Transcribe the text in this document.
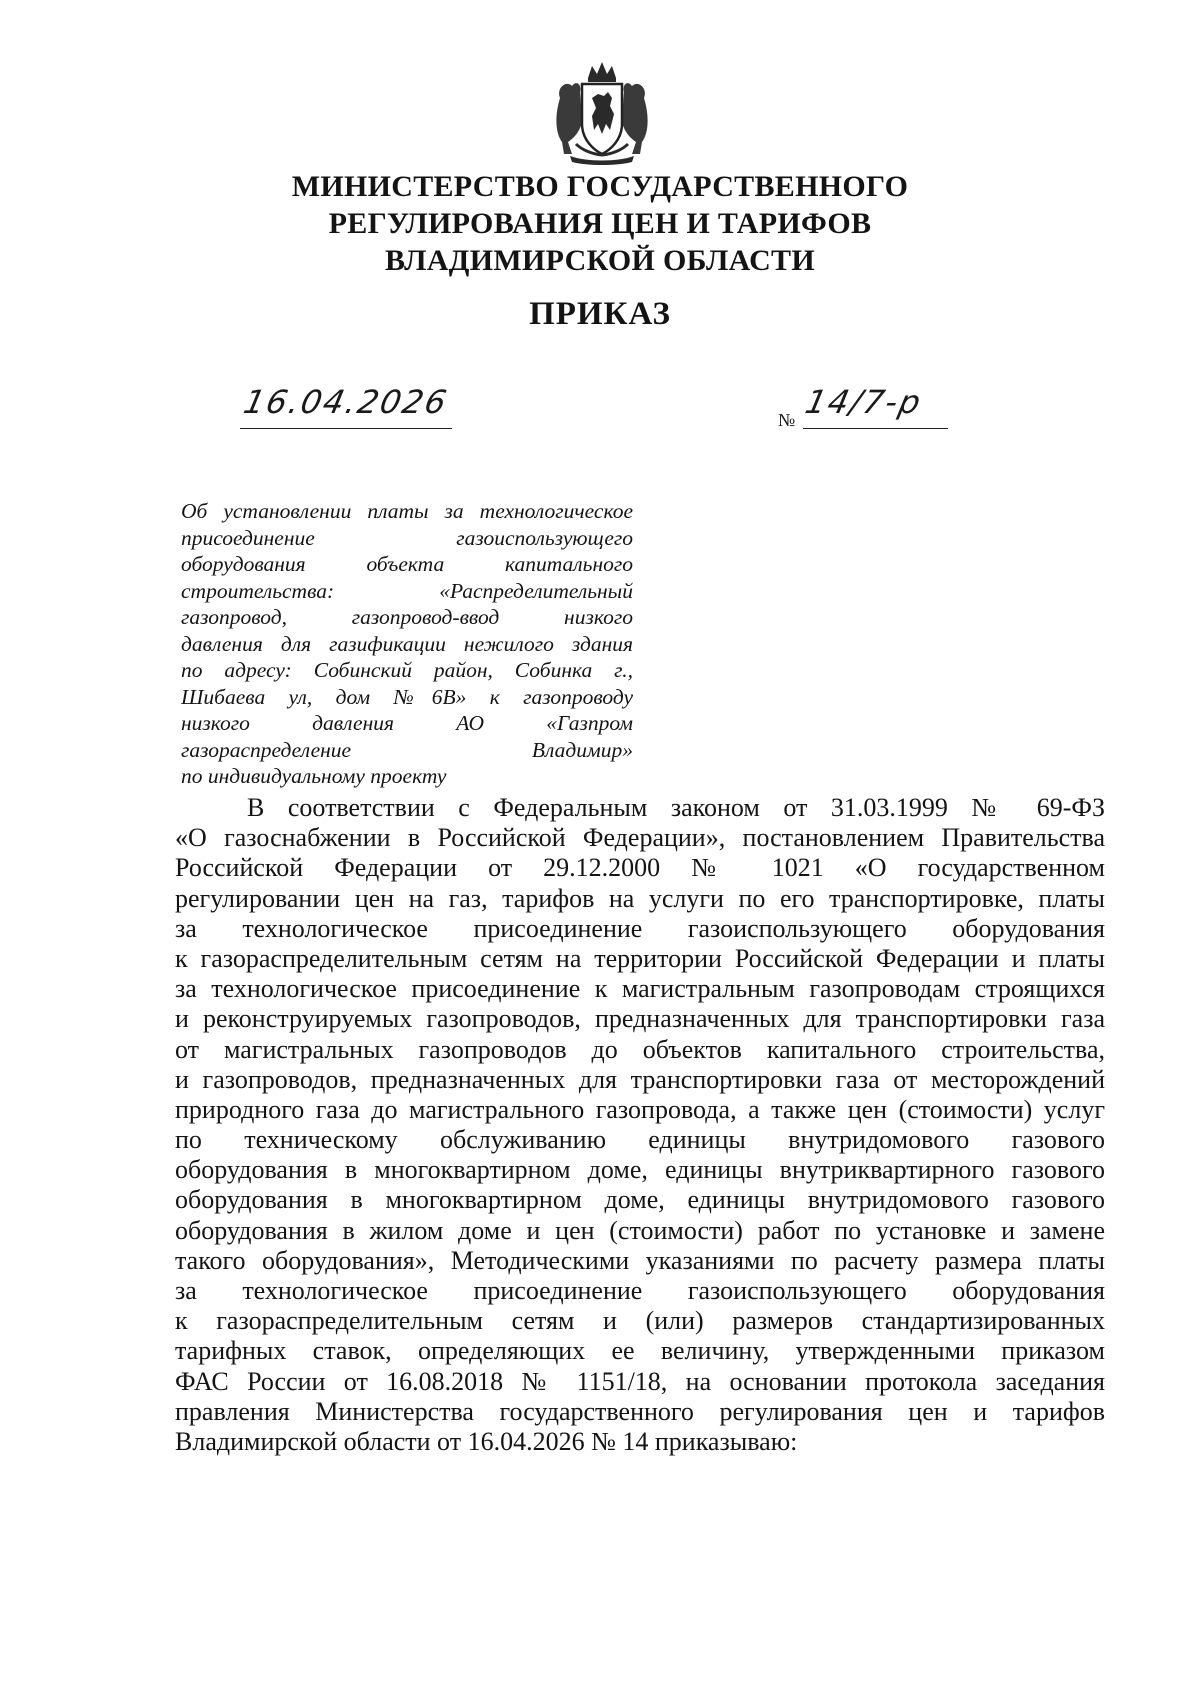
МИНИСТЕРСТВО ГОСУДАРСТВЕННОГО
РЕГУЛИРОВАНИЯ ЦЕН И ТАРИФОВ
ВЛАДИМИРСКОЙ ОБЛАСТИ
ПРИКАЗ
16.04.2026	№ 14/7-р
Об установлении платы за технологическое
присоединение газоиспользующего
оборудования объекта капитального
строительства: «Распределительный
газопровод, газопровод-ввод низкого
давления для газификации нежилого здания
по адресу: Собинский район, Собинка г.,
Шибаева ул, дом №6В» к газопроводу
низкого давления АО «Газпром
газораспределение Владимир»
по индивидуальному проекту
В соответствии с Федеральным законом от 31.03.1999 № 69-ФЗ
«О газоснабжении в Российской Федерации», постановлением Правительства
Российской Федерации от 29.12.2000 № 1021 «О государственном
регулировании цен на газ, тарифов на услуги по его транспортировке, платы
за технологическое присоединение газоиспользующего оборудования
к газораспределительным сетям на территории Российской Федерации и платы
за технологическое присоединение к магистральным газопроводам строящихся
и реконструируемых газопроводов, предназначенных для транспортировки газа
от магистральных газопроводов до объектов капитального строительства,
и газопроводов, предназначенных для транспортировки газа от месторождений
природного газа до магистрального газопровода, а также цен (стоимости) услуг
по техническому обслуживанию единицы внутридомового газового
оборудования в многоквартирном доме, единицы внутриквартирного газового
оборудования в многоквартирном доме, единицы внутридомового газового
оборудования в жилом доме и цен (стоимости) работ по установке и замене
такого оборудования», Методическими указаниями по расчету размера платы
за технологическое присоединение газоиспользующего оборудования
к газораспределительным сетям и (или) размеров стандартизированных
тарифных ставок, определяющих ее величину, утвержденными приказом
ФАС России от 16.08.2018 № 1151/18, на основании протокола заседания
правления Министерства государственного регулирования цен и тарифов
Владимирской области от 16.04.2026 № 14 приказываю:
